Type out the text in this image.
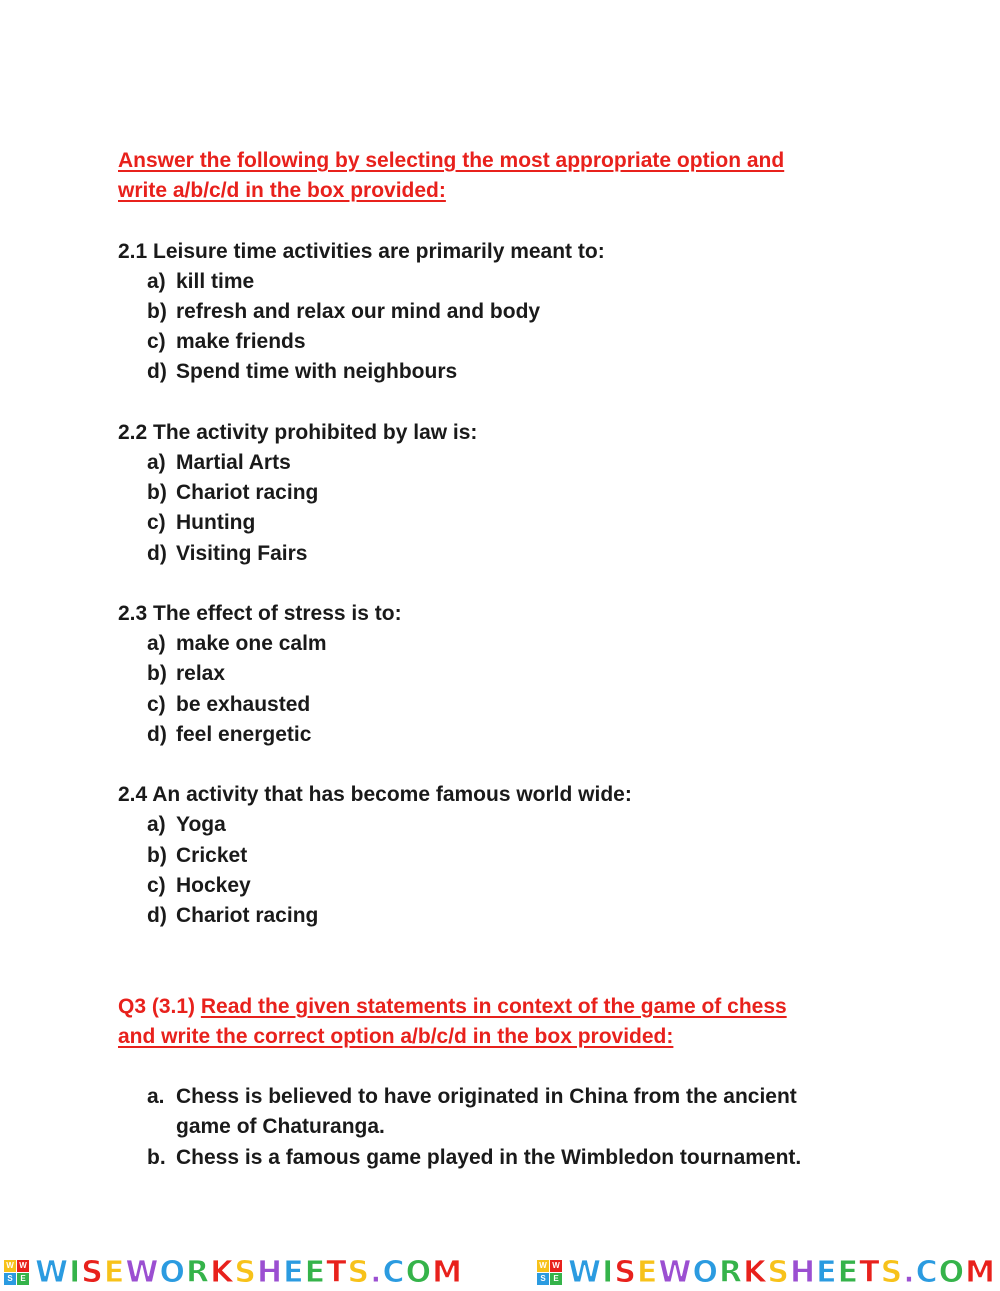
Answer the following by selecting the most appropriate option and
write a/b/c/d in the box provided:
2.1 Leisure time activities are primarily meant to:
a) kill time
b) refresh and relax our mind and body
c) make friends
d) Spend time with neighbours
2.2 The activity prohibited by law is:
a) Martial Arts
b) Chariot racing
c) Hunting
d) Visiting Fairs
2.3 The effect of stress is to:
a) make one calm
b) relax
c) be exhausted
d) feel energetic
2.4 An activity that has become famous world wide:
a) Yoga
b) Cricket
c) Hockey
d) Chariot racing
Q3 (3.1) Read the given statements in context of the game of chess
and write the correct option a/b/c/d in the box provided:
a. Chess is believed to have originated in China from the ancient game of Chaturanga.
b. Chess is a famous game played in the Wimbledon tournament.
W W
S E WISEWORKSHEETS.COM	W W
S E WISEWORKSHEETS.COM
